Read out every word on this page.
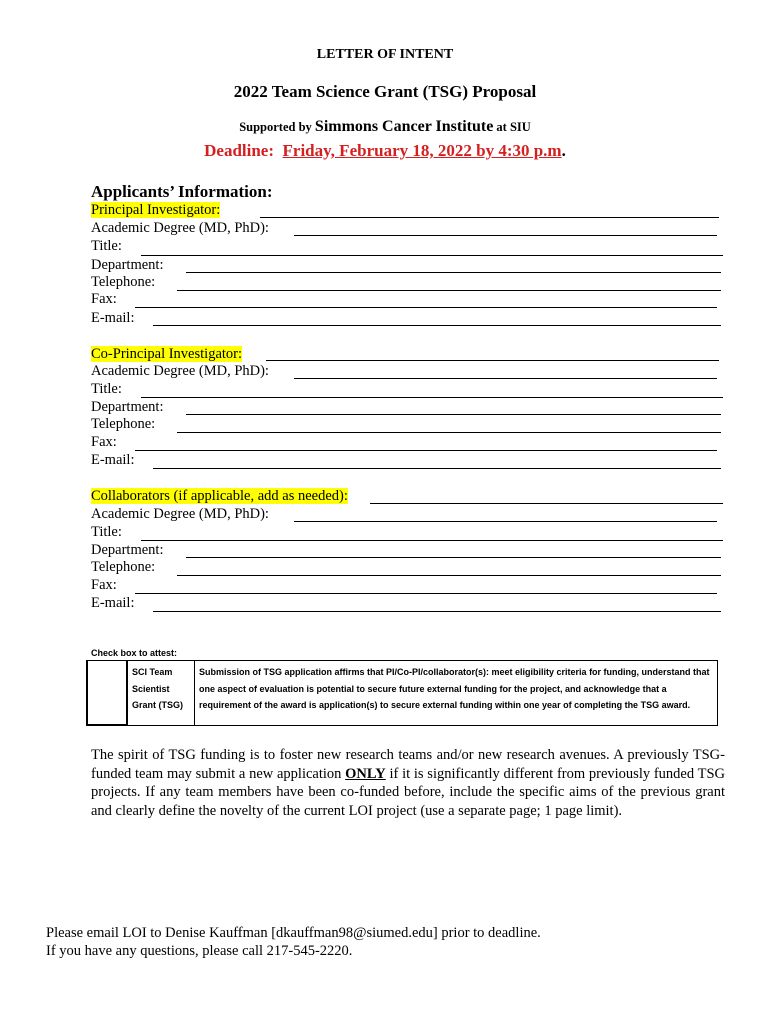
LETTER OF INTENT
2022 Team Science Grant (TSG) Proposal
Supported by Simmons Cancer Institute at SIU
Deadline: Friday, February 18, 2022 by 4:30 p.m.
Applicants’ Information:
Principal Investigator:
Academic Degree (MD, PhD):
Title:
Department:
Telephone:
Fax:
E-mail:
Co-Principal Investigator:
Academic Degree (MD, PhD):
Title:
Department:
Telephone:
Fax:
E-mail:
Collaborators (if applicable, add as needed):
Academic Degree (MD, PhD):
Title:
Department:
Telephone:
Fax:
E-mail:
Check box to attest:
	SCI Team Scientist Grant (TSG)	Submission of TSG application affirms that PI/Co-PI/collaborator(s): meet eligibility criteria for funding, understand that one aspect of evaluation is potential to secure future external funding for the project, and acknowledge that a requirement of the award is application(s) to secure external funding within one year of completing the TSG award.
The spirit of TSG funding is to foster new research teams and/or new research avenues. A previously TSG-funded team may submit a new application ONLY if it is significantly different from previously funded TSG projects. If any team members have been co-funded before, include the specific aims of the previous grant and clearly define the novelty of the current LOI project (use a separate page; 1 page limit).
Please email LOI to Denise Kauffman [dkauffman98@siumed.edu] prior to deadline.
If you have any questions, please call 217-545-2220.
